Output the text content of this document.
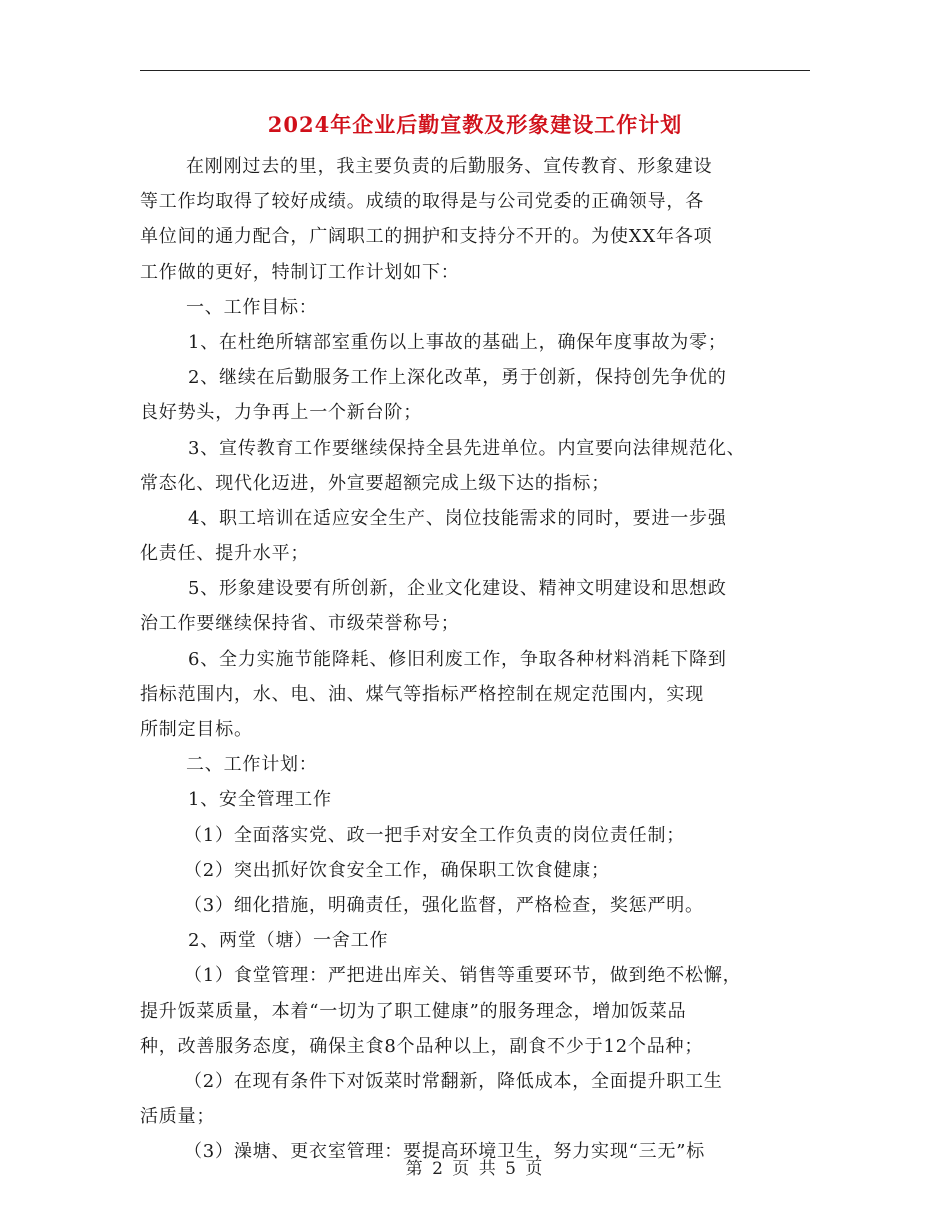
2024年企业后勤宣教及形象建设工作计划
在刚刚过去的里，我主要负责的后勤服务、宣传教育、形象建设
等工作均取得了较好成绩。成绩的取得是与公司党委的正确领导，各
单位间的通力配合，广阔职工的拥护和支持分不开的。为使XX年各项
工作做的更好，特制订工作计划如下：
一、工作目标：
1、在杜绝所辖部室重伤以上事故的基础上，确保年度事故为零；
2、继续在后勤服务工作上深化改革，勇于创新，保持创先争优的
良好势头，力争再上一个新台阶；
3、宣传教育工作要继续保持全县先进单位。内宣要向法律规范化、
常态化、现代化迈进，外宣要超额完成上级下达的指标；
4、职工培训在适应安全生产、岗位技能需求的同时，要进一步强
化责任、提升水平；
5、形象建设要有所创新，企业文化建设、精神文明建设和思想政
治工作要继续保持省、市级荣誉称号；
6、全力实施节能降耗、修旧利废工作，争取各种材料消耗下降到
指标范围内，水、电、油、煤气等指标严格控制在规定范围内，实现
所制定目标。
二、工作计划：
1、安全管理工作
（1）全面落实党、政一把手对安全工作负责的岗位责任制；
（2）突出抓好饮食安全工作，确保职工饮食健康；
（3）细化措施，明确责任，强化监督，严格检查，奖惩严明。
2、两堂（塘）一舍工作
（1）食堂管理：严把进出库关、销售等重要环节，做到绝不松懈，
提升饭菜质量，本着“一切为了职工健康”的服务理念，增加饭菜品
种，改善服务态度，确保主食8个品种以上，副食不少于12个品种；
（2）在现有条件下对饭菜时常翻新，降低成本，全面提升职工生
活质量；
（3）澡塘、更衣室管理：要提高环境卫生，努力实现“三无”标
第 2 页 共 5 页
